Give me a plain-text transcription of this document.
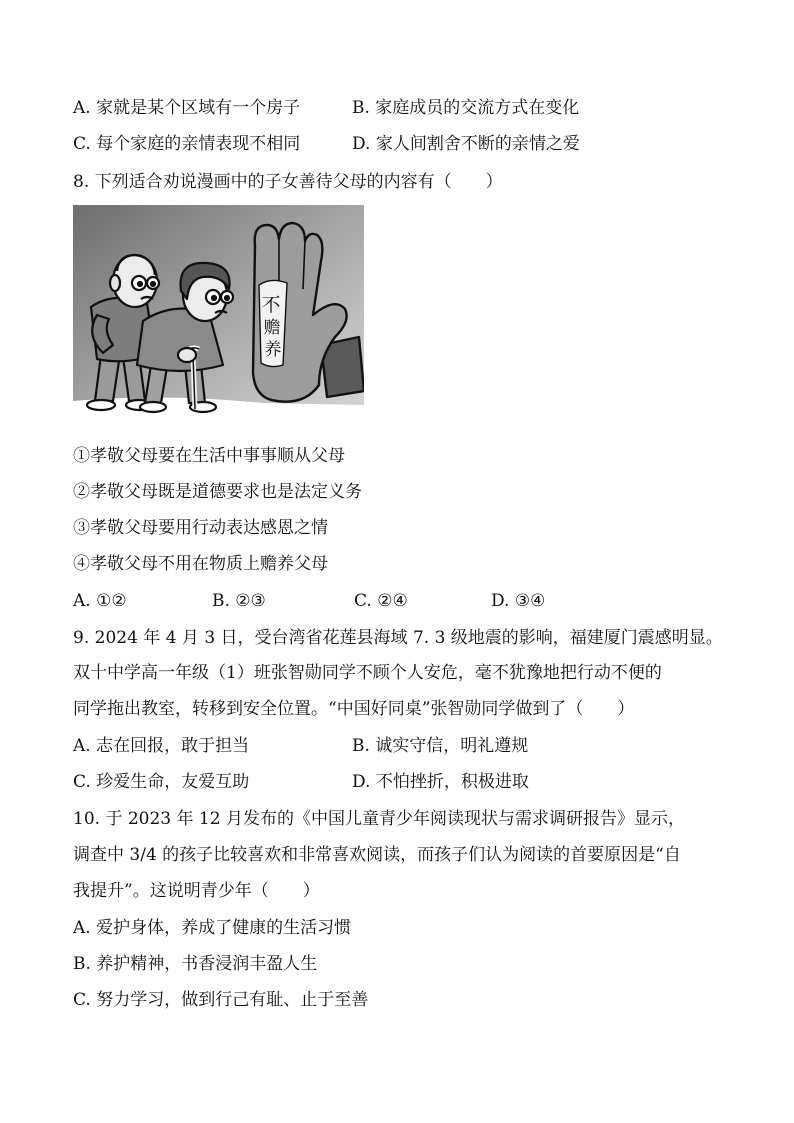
A. 家就是某个区域有一个房子	B. 家庭成员的交流方式在变化
C. 每个家庭的亲情表现不相同	D. 家人间割舍不断的亲情之爱
8. 下列适合劝说漫画中的子女善待父母的内容有（　　）
不
赡
养
①孝敬父母要在生活中事事顺从父母
②孝敬父母既是道德要求也是法定义务
③孝敬父母要用行动表达感恩之情
④孝敬父母不用在物质上赡养父母
A. ①②	B. ②③	C. ②④	D. ③④
9. 2024 年 4 月 3 日，受台湾省花莲县海域 7. 3 级地震的影响，福建厦门震感明显。
双十中学高一年级（1）班张智勋同学不顾个人安危，毫不犹豫地把行动不便的
同学拖出教室，转移到安全位置。“中国好同桌”张智勋同学做到了（　　）
A. 志在回报，敢于担当	B. 诚实守信，明礼遵规
C. 珍爱生命，友爱互助	D. 不怕挫折，积极进取
10. 于 2023 年 12 月发布的《中国儿童青少年阅读现状与需求调研报告》显示，
调查中 3/4 的孩子比较喜欢和非常喜欢阅读，而孩子们认为阅读的首要原因是“自
我提升”。这说明青少年（　　）
A. 爱护身体，养成了健康的生活习惯
B. 养护精神，书香浸润丰盈人生
C. 努力学习，做到行己有耻、止于至善
